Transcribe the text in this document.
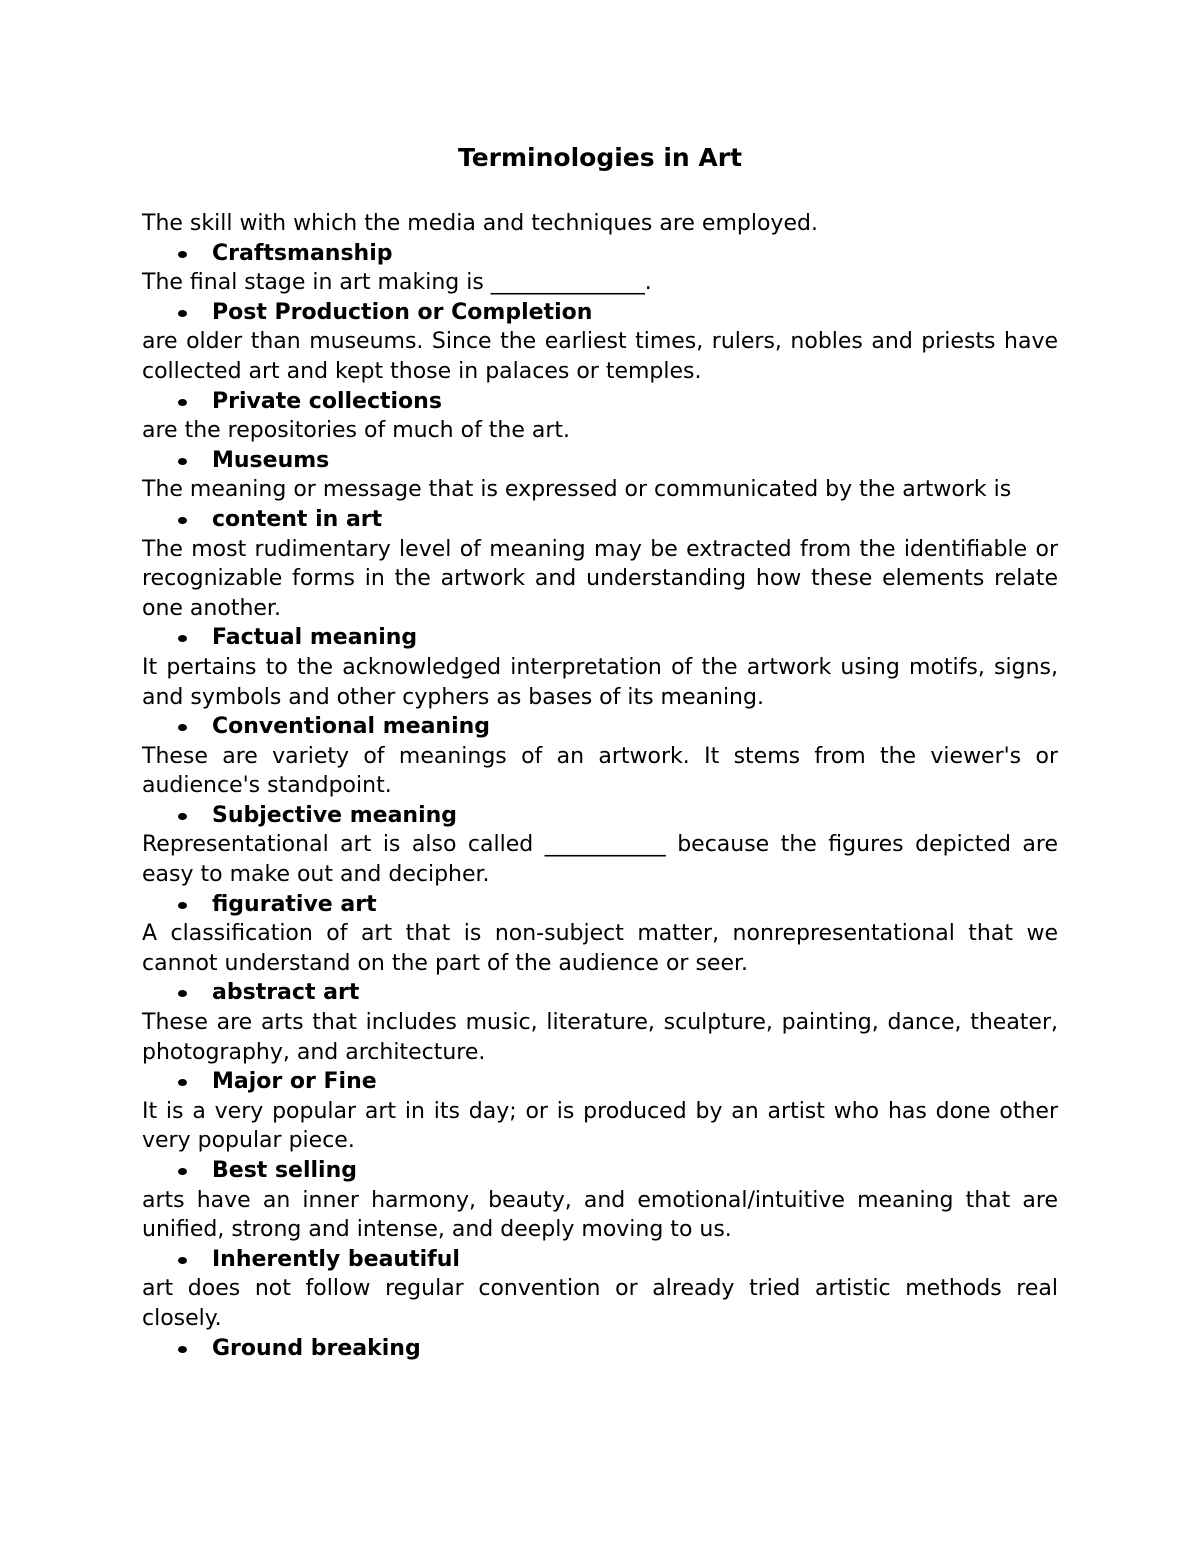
Terminologies in Art

The skill with which the media and techniques are employed.

Craftsmanship

The final stage in art making is ______________.

Post Production or Completion

are older than museums. Since the earliest times, rulers, nobles and priests have collected art and kept those in palaces or temples.

Private collections

are the repositories of much of the art.

Museums

The meaning or message that is expressed or communicated by the artwork is

content in art

The most rudimentary level of meaning may be extracted from the identifiable or recognizable forms in the artwork and understanding how these elements relate one another.

Factual meaning

It pertains to the acknowledged interpretation of the artwork using motifs, signs, and symbols and other cyphers as bases of its meaning.

Conventional meaning

These are variety of meanings of an artwork. It stems from the viewer's or audience's standpoint.

Subjective meaning

Representational art is also called ___________ because the figures depicted are easy to make out and decipher.

figurative art

A classification of art that is non-subject matter, nonrepresentational that we cannot understand on the part of the audience or seer.

abstract art

These are arts that includes music, literature, sculpture, painting, dance, theater, photography, and architecture.

Major or Fine

It is a very popular art in its day; or is produced by an artist who has done other very popular piece.

Best selling

arts have an inner harmony, beauty, and emotional/intuitive meaning that are unified, strong and intense, and deeply moving to us.

Inherently beautiful

art does not follow regular convention or already tried artistic methods real closely.

Ground breaking
